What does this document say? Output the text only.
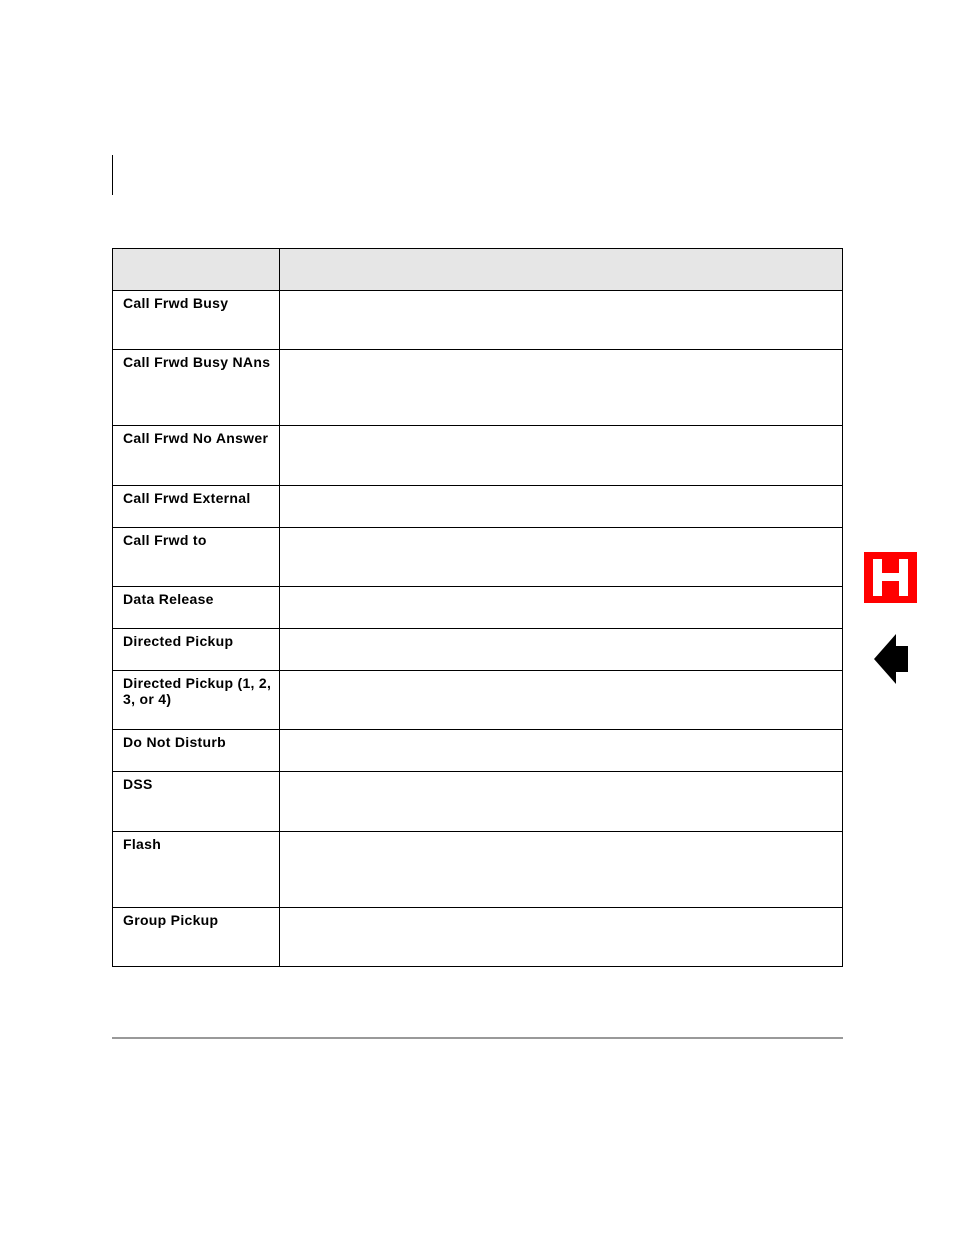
Call Frwd Busy	
Call Frwd Busy NAns	
Call Frwd No Answer	
Call Frwd External	
Call Frwd to	
Data Release	
Directed Pickup	
Directed Pickup (1, 2, 3, or 4)	
Do Not Disturb	
DSS	
Flash	
Group Pickup	
